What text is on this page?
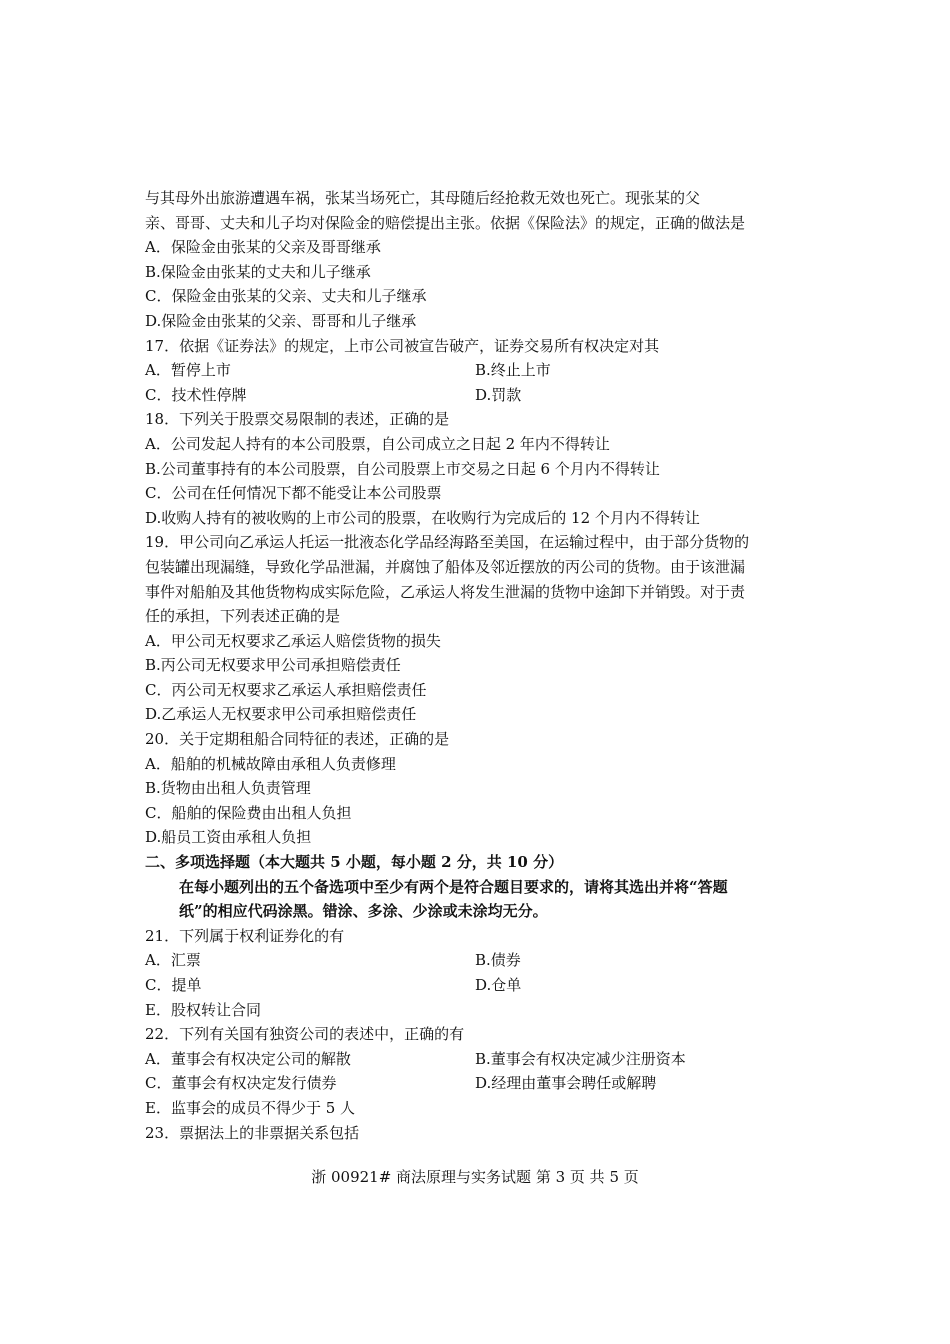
与其母外出旅游遭遇车祸，张某当场死亡，其母随后经抢救无效也死亡。现张某的父
亲、哥哥、丈夫和儿子均对保险金的赔偿提出主张。依据《保险法》的规定，正确的做法是
A．保险金由张某的父亲及哥哥继承
B.保险金由张某的丈夫和儿子继承
C．保险金由张某的父亲、丈夫和儿子继承
D.保险金由张某的父亲、哥哥和儿子继承
17．依据《证券法》的规定，上市公司被宣告破产，证券交易所有权决定对其
A．暂停上市	B.终止上市
C．技术性停牌	D.罚款
18．下列关于股票交易限制的表述，正确的是
A．公司发起人持有的本公司股票，自公司成立之日起 2 年内不得转让
B.公司董事持有的本公司股票，自公司股票上市交易之日起 6 个月内不得转让
C．公司在任何情况下都不能受让本公司股票
D.收购人持有的被收购的上市公司的股票，在收购行为完成后的 12 个月内不得转让
19．甲公司向乙承运人托运一批液态化学品经海路至美国，在运输过程中，由于部分货物的
包装罐出现漏缝，导致化学品泄漏，并腐蚀了船体及邻近摆放的丙公司的货物。由于该泄漏
事件对船舶及其他货物构成实际危险，乙承运人将发生泄漏的货物中途卸下并销毁。对于责
任的承担，下列表述正确的是
A．甲公司无权要求乙承运人赔偿货物的损失
B.丙公司无权要求甲公司承担赔偿责任
C．丙公司无权要求乙承运人承担赔偿责任
D.乙承运人无权要求甲公司承担赔偿责任
20．关于定期租船合同特征的表述，正确的是
A．船舶的机械故障由承租人负责修理
B.货物由出租人负责管理
C．船舶的保险费由出租人负担
D.船员工资由承租人负担
二、多项选择题（本大题共 5 小题，每小题 2 分，共 10 分）
在每小题列出的五个备选项中至少有两个是符合题目要求的，请将其选出并将“答题
纸”的相应代码涂黑。错涂、多涂、少涂或未涂均无分。
21．下列属于权利证券化的有
A．汇票	B.债券
C．提单	D.仓单
E．股权转让合同
22．下列有关国有独资公司的表述中，正确的有
A．董事会有权决定公司的解散	B.董事会有权决定减少注册资本
C．董事会有权决定发行债券	D.经理由董事会聘任或解聘
E．监事会的成员不得少于 5 人
23．票据法上的非票据关系包括
浙 00921# 商法原理与实务试题 第 3 页 共 5 页
